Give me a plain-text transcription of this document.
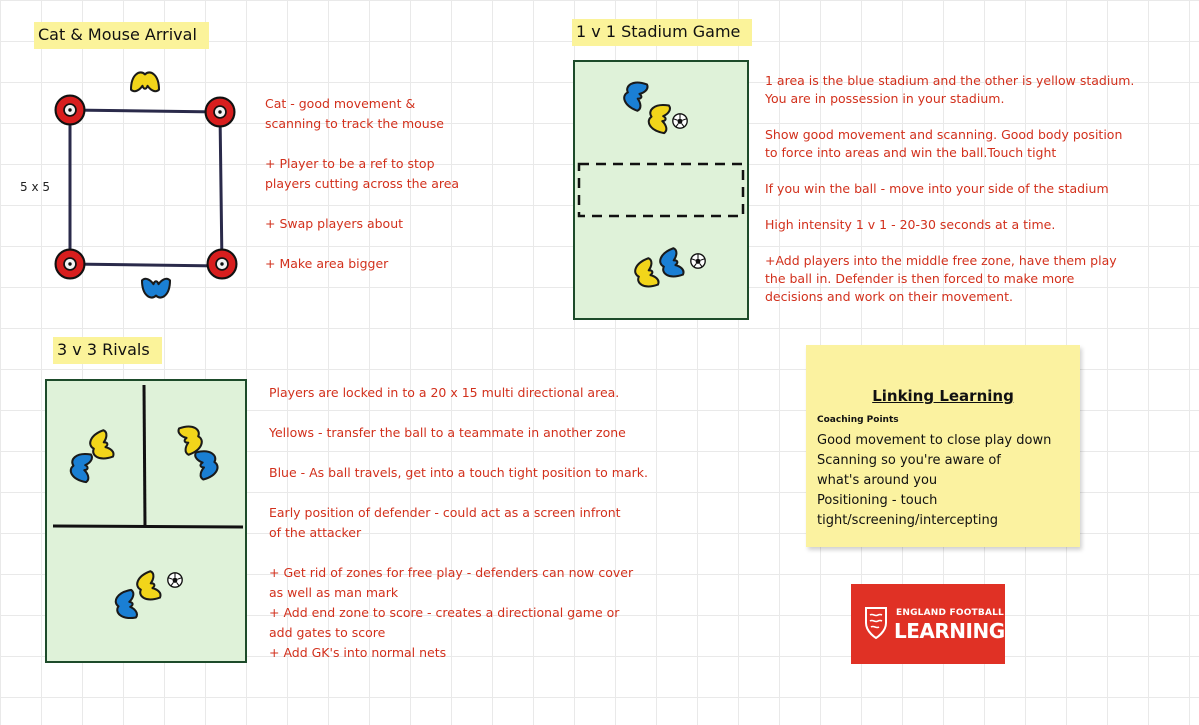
Cat & Mouse Arrival
5 x 5

Cat - good movement &

scanning to track the mouse

+ Player to be a ref to stop

players cutting across the area

+ Swap players about

+ Make area bigger

1 v 1 Stadium Game

1 area is the blue stadium and the other is yellow stadium.

You are in possession in your stadium.

Show good movement and scanning. Good body position

to force into areas and win the ball.Touch tight

If you win the ball - move into your side of the stadium

High intensity 1 v 1 - 20-30 seconds at a time.

+Add players into the middle free zone, have them play

the ball in. Defender is then forced to make more

decisions and work on their movement.

3 v 3 Rivals

Players are locked in to a 20 x 15 multi directional area.

Yellows - transfer the ball to a teammate in another zone

Blue - As ball travels, get into a touch tight position to mark.

Early position of defender - could act as a screen infront

of the attacker

+ Get rid of zones for free play - defenders can now cover

as well as man mark

+ Add end zone to score - creates a directional game or

add gates to score

+ Add GK's into normal nets

Linking Learning
Coaching Points
Good movement to close play down
Scanning so you're aware of
what's around you
Positioning - touch
tight/screening/intercepting
ENGLAND FOOTBALL
LEARNING
